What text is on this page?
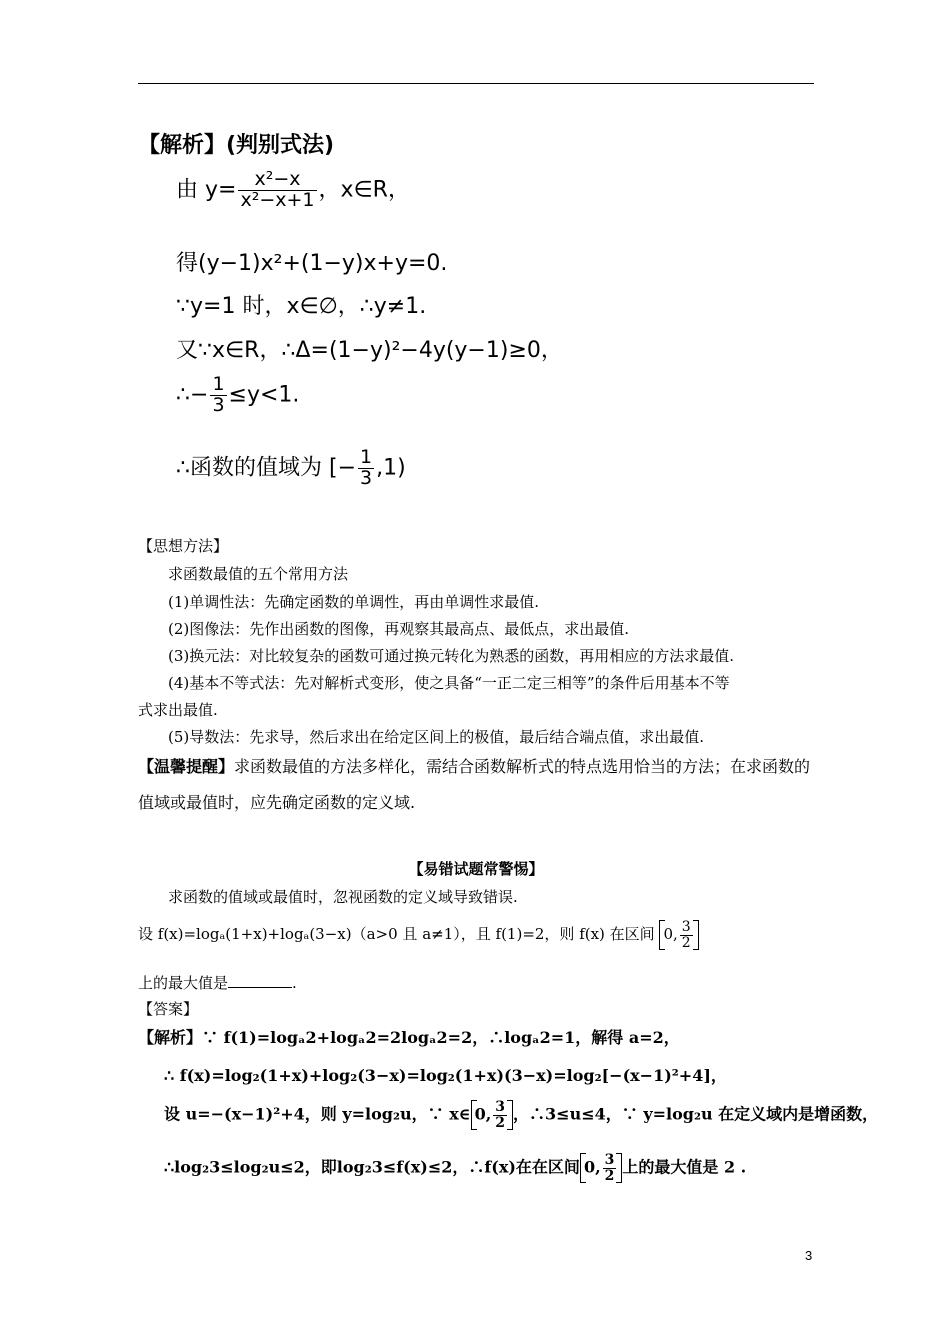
【解析】(判别式法)
由 $y= \frac{\text{x²−x}}{\text{x²−x+1}}$ ，x∈R，
得(y−1)x²+(1−y)x+y=0.
∵y=1 时，x∈∅，∴y≠1.
又∵x∈R，∴Δ=(1−y)²−4y(y−1)≥0，
∴− $\frac{1}{3} \le y<1$.
∴函数的值域为 [− $\frac{1}{3} ,1$)
【思想方法】
求函数最值的五个常用方法
(1)单调性法：先确定函数的单调性，再由单调性求最值.
(2)图像法：先作出函数的图像，再观察其最高点、最低点，求出最值.
(3)换元法：对比较复杂的函数可通过换元转化为熟悉的函数，再用相应的方法求最值.
(4)基本不等式法：先对解析式变形，使之具备“一正二定三相等”的条件后用基本不等
式求出最值.
(5)导数法：先求导，然后求出在给定区间上的极值，最后结合端点值，求出最值.
【温馨提醒】求函数最值的方法多样化，需结合函数解析式的特点选用恰当的方法；在求函数的
值域或最值时，应先确定函数的定义域.
【易错试题常警惕】
求函数的值域或最值时，忽视函数的定义域导致错误.
设 f(x)=logₐ(1+x)+logₐ(3−x)（a>0 且 a≠1），且 f(1)=2，则 f(x) 在区间 0, $\frac{3}{2}$
上的最大值是	.
【答案】
【解析】∵ f(1)=logₐ2+logₐ2=2logₐ2=2，∴logₐ2=1，解得 a=2，
∴ f(x)=log₂(1+x)+log₂(3−x)=log₂(1+x)(3−x)=log₂[−(x−1)²+4]，
设 u=−(x−1)²+4，则 y=log₂u，∵ x∈ 0, $\frac{3}{2}$ ，∴3≤u≤4，∵ y=log₂u 在定义域内是增函数，
∴log₂3≤log₂u≤2，即log₂3≤f(x)≤2，∴f(x)在在区间 0, $\frac{3}{2}$ 上的最大值是 2 .
3
